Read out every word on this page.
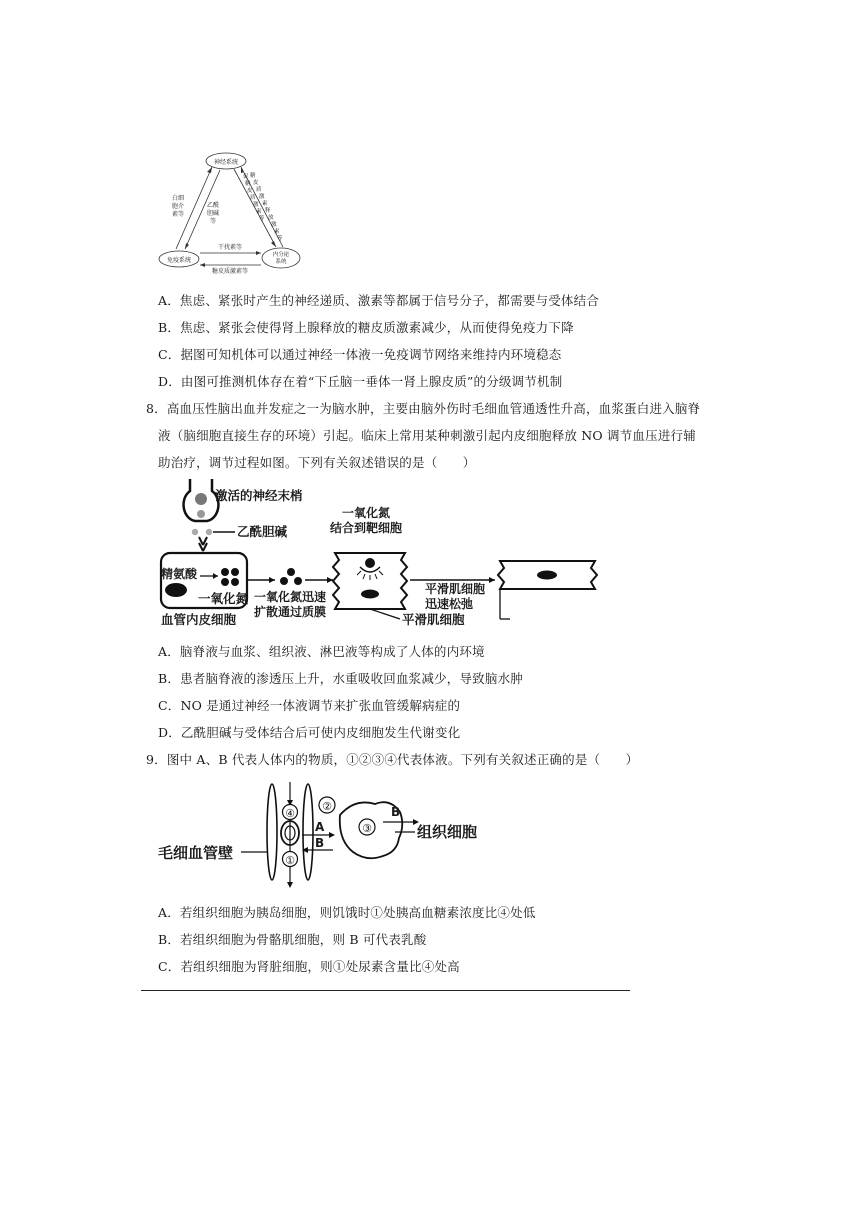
神经系统
免疫系统
内分泌
系统
白细
胞介
素等
乙酰
胆碱
等
促
糖
皮
质
激
素
等
糖
皮
质
激
素
释
放
激
素
等
干扰素等
糖皮质激素等
A．焦虑、紧张时产生的神经递质、激素等都属于信号分子，都需要与受体结合
B．焦虑、紧张会使得肾上腺释放的糖皮质激素减少，从而使得免疫力下降
C．据图可知机体可以通过神经一体液一免疫调节网络来维持内环境稳态
D．由图可推测机体存在着“下丘脑一垂体一肾上腺皮质”的分级调节机制
8．高血压性脑出血并发症之一为脑水肿，主要由脑外伤时毛细血管通透性升高，血浆蛋白进入脑脊
液（脑细胞直接生存的环境）引起。临床上常用某种刺激引起内皮细胞释放 NO 调节血压进行辅
助治疗，调节过程如图。下列有关叙述错误的是（　　）
激活的神经末梢
乙酰胆碱
精氨酸
一氧化氮
血管内皮细胞
一氧化氮迅速
扩散通过质膜
一氧化氮
结合到靶细胞
平滑肌细胞
迅速松弛
平滑肌细胞
A．脑脊液与血浆、组织液、淋巴液等构成了人体的内环境
B．患者脑脊液的渗透压上升，水重吸收回血浆减少，导致脑水肿
C．NO 是通过神经一体液调节来扩张血管缓解病症的
D．乙酰胆碱与受体结合后可使内皮细胞发生代谢变化
9．图中 A、B 代表人体内的物质，①②③④代表体液。下列有关叙述正确的是（　　）
④
①
②
A
B
③
B
组织细胞
毛细血管壁
A．若组织细胞为胰岛细胞，则饥饿时①处胰高血糖素浓度比④处低
B．若组织细胞为骨骼肌细胞，则 B 可代表乳酸
C．若组织细胞为肾脏细胞，则①处尿素含量比④处高
